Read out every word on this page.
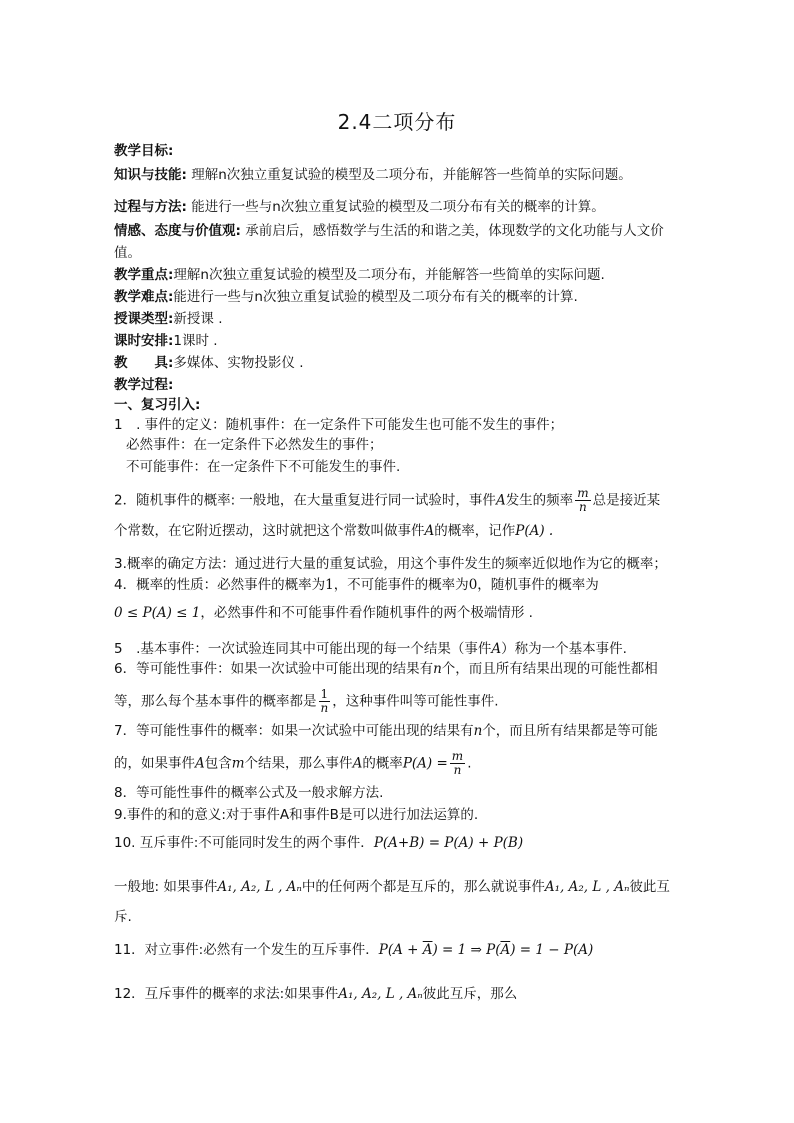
2.4二项分布
教学目标:
知识与技能: 理解n次独立重复试验的模型及二项分布，并能解答一些简单的实际问题。
过程与方法: 能进行一些与n次独立重复试验的模型及二项分布有关的概率的计算。
情感、态度与价值观: 承前启后，感悟数学与生活的和谐之美，体现数学的文化功能与人文价
值。
教学重点:理解n次独立重复试验的模型及二项分布，并能解答一些简单的实际问题.
教学难点:能进行一些与n次独立重复试验的模型及二项分布有关的概率的计算.
授课类型:新授课 .
课时安排:1课时 .
教　　具:多媒体、实物投影仪 .
教学过程:
一、复习引入:
1　. 事件的定义：随机事件：在一定条件下可能发生也可能不发生的事件；
必然事件：在一定条件下必然发生的事件；
不可能事件：在一定条件下不可能发生的事件.
2．随机事件的概率: 一般地，在大量重复进行同一试验时，事件A发生的频率 $\frac{m}{n}$ 总是接近某
个常数，在它附近摆动，这时就把这个常数叫做事件A的概率，记作P(A) .
3.概率的确定方法：通过进行大量的重复试验，用这个事件发生的频率近似地作为它的概率；
4．概率的性质：必然事件的概率为1，不可能事件的概率为0，随机事件的概率为
0 ≤ P(A) ≤ 1，必然事件和不可能事件看作随机事件的两个极端情形 .
5　.基本事件：一次试验连同其中可能出现的每一个结果（事件A）称为一个基本事件.
6．等可能性事件：如果一次试验中可能出现的结果有n个，而且所有结果出现的可能性都相
等，那么每个基本事件的概率都是 $\frac{1}{n}$ ，这种事件叫等可能性事件.
7．等可能性事件的概率：如果一次试验中可能出现的结果有n个，而且所有结果都是等可能
的，如果事件A包含m个结果，那么事件A的概率$P(A) = \frac{m}{n}$ .
8．等可能性事件的概率公式及一般求解方法.
9.事件的和的意义:对于事件A和事件B是可以进行加法运算的.
10. 互斥事件:不可能同时发生的两个事件．P(A+B) = P(A) + P(B)
一般地: 如果事件A₁, A₂, L , Aₙ中的任何两个都是互斥的，那么就说事件A₁, A₂, L , Aₙ彼此互
斥.
11．对立事件:必然有一个发生的互斥事件．$P(A + \overline{A}) = 1$ ⇒ $P(\overline{A}) = 1 - P(A)$
12．互斥事件的概率的求法:如果事件A₁, A₂, L , Aₙ彼此互斥，那么
